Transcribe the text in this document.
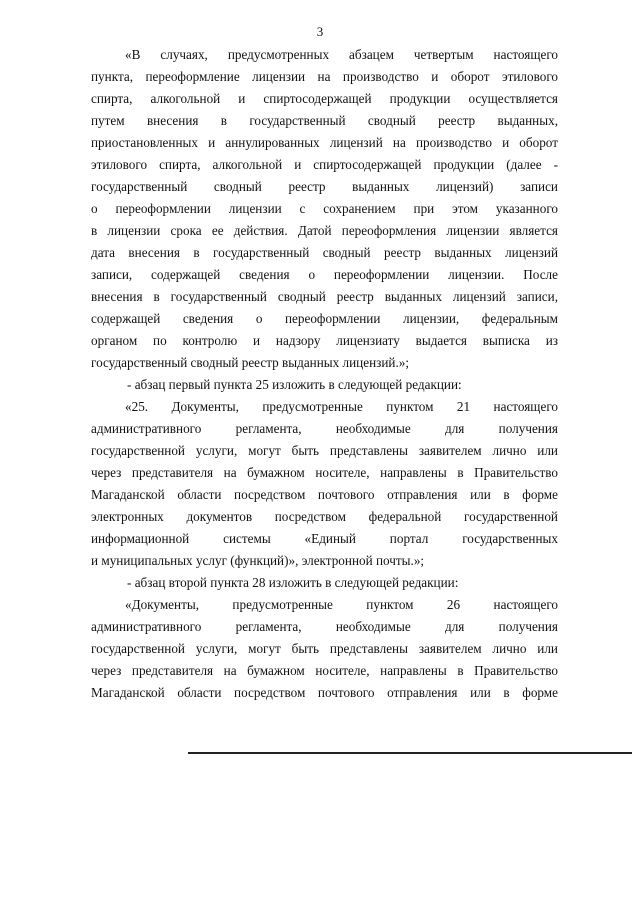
3

«В случаях, предусмотренных абзацем четвертым настоящего

пункта, переоформление лицензии на производство и оборот этилового

спирта, алкогольной и спиртосодержащей продукции осуществляется

путем внесения в государственный сводный реестр выданных,

приостановленных и аннулированных лицензий на производство и оборот

этилового спирта, алкогольной и спиртосодержащей продукции (далее -

государственный сводный реестр выданных лицензий) записи

о переоформлении лицензии с сохранением при этом указанного

в лицензии срока ее действия. Датой переоформления лицензии является

дата внесения в государственный сводный реестр выданных лицензий

записи, содержащей сведения о переоформлении лицензии. После

внесения в государственный сводный реестр выданных лицензий записи,

содержащей сведения о переоформлении лицензии, федеральным

органом по контролю и надзору лицензиату выдается выписка из

государственный сводный реестр выданных лицензий.»;

- абзац первый пункта 25 изложить в следующей редакции:

«25. Документы, предусмотренные пунктом 21 настоящего

административного регламента, необходимые для получения

государственной услуги, могут быть представлены заявителем лично или

через представителя на бумажном носителе, направлены в Правительство

Магаданской области посредством почтового отправления или в форме

электронных документов посредством федеральной государственной

информационной системы «Единый портал государственных

и муниципальных услуг (функций)», электронной почты.»;

- абзац второй пункта 28 изложить в следующей редакции:

«Документы, предусмотренные пунктом 26 настоящего

административного регламента, необходимые для получения

государственной услуги, могут быть представлены заявителем лично или

через представителя на бумажном носителе, направлены в Правительство

Магаданской области посредством почтового отправления или в форме
